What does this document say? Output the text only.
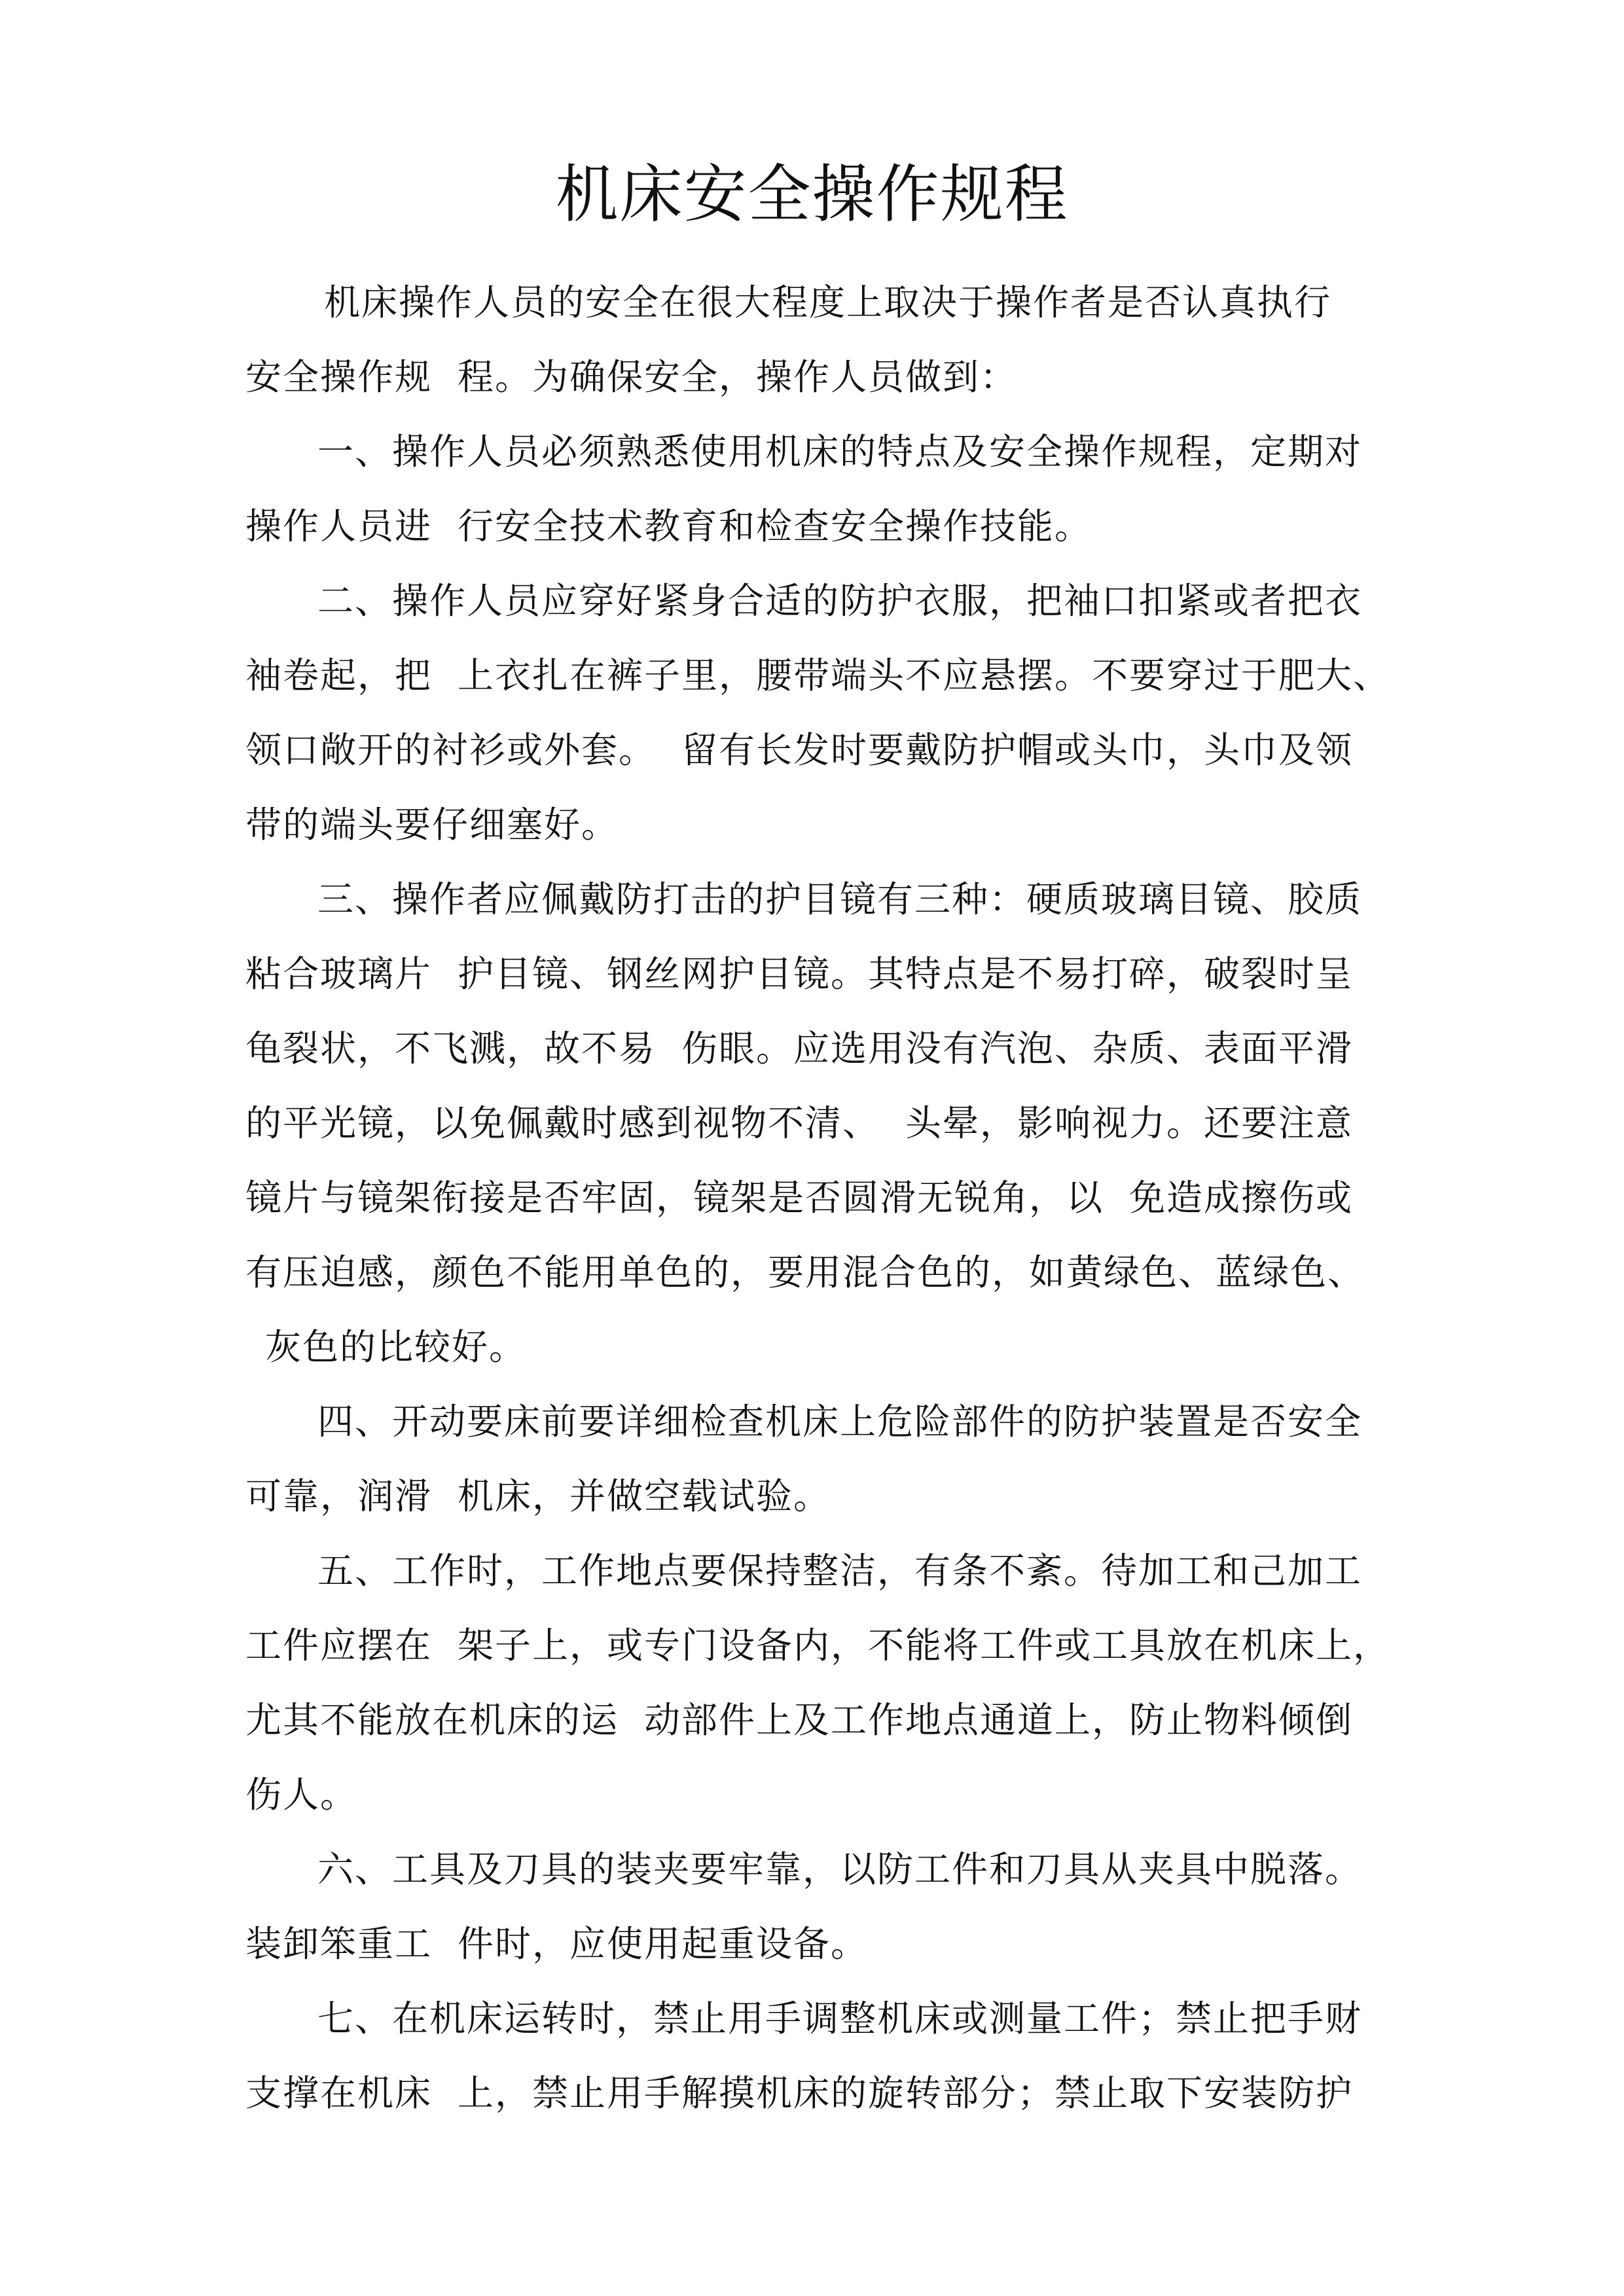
机床安全操作规程
机床操作人员的安全在很大程度上取决于操作者是否认真执行
安全操作规  程。为确保安全，操作人员做到：
一、操作人员必须熟悉使用机床的特点及安全操作规程，定期对
操作人员进  行安全技术教育和检查安全操作技能。
二、操作人员应穿好紧身合适的防护衣服，把袖口扣紧或者把衣
袖卷起，把  上衣扎在裤子里，腰带端头不应悬摆。不要穿过于肥大、
领口敞开的衬衫或外套。  留有长发时要戴防护帽或头巾，头巾及领
带的端头要仔细塞好。
三、操作者应佩戴防打击的护目镜有三种：硬质玻璃目镜、胶质
粘合玻璃片  护目镜、钢丝网护目镜。其特点是不易打碎，破裂时呈
龟裂状，不飞溅，故不易  伤眼。应选用没有汽泡、杂质、表面平滑
的平光镜，以免佩戴时感到视物不清、  头晕，影响视力。还要注意
镜片与镜架衔接是否牢固，镜架是否圆滑无锐角，以  免造成擦伤或
有压迫感，颜色不能用单色的，要用混合色的，如黄绿色、蓝绿色、
灰色的比较好。
四、开动要床前要详细检查机床上危险部件的防护装置是否安全
可靠，润滑  机床，并做空载试验。
五、工作时，工作地点要保持整洁，有条不紊。待加工和己加工
工件应摆在  架子上，或专门设备内，不能将工件或工具放在机床上，
尤其不能放在机床的运  动部件上及工作地点通道上，防止物料倾倒
伤人。
六、工具及刀具的装夹要牢靠，以防工件和刀具从夹具中脱落。
装卸笨重工  件时，应使用起重设备。
七、在机床运转时，禁止用手调整机床或测量工件；禁止把手财
支撑在机床  上，禁止用手解摸机床的旋转部分；禁止取下安装防护
